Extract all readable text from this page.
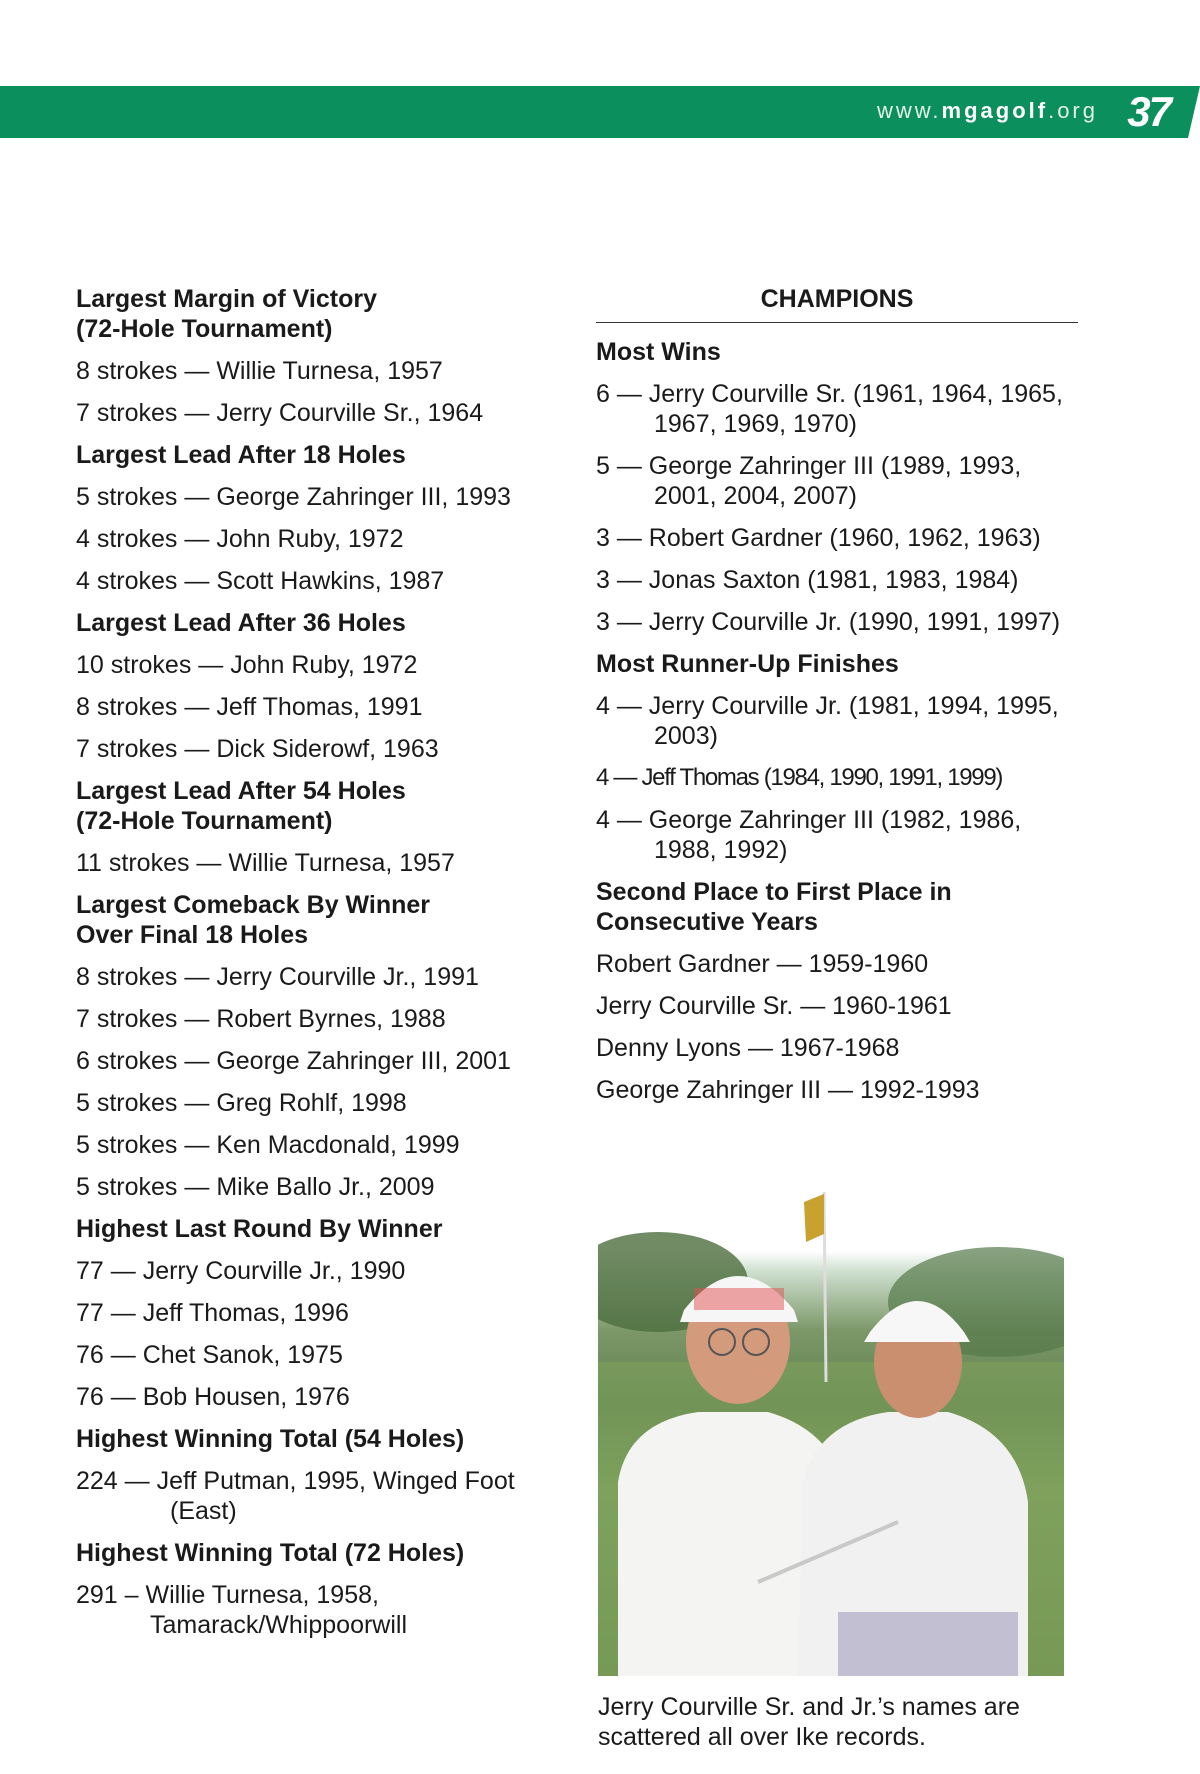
www.mgagolf.org 37
Largest Margin of Victory
(72-Hole Tournament)
8 strokes — Willie Turnesa, 1957
7 strokes — Jerry Courville Sr., 1964
Largest Lead After 18 Holes
5 strokes — George Zahringer III, 1993
4 strokes — John Ruby, 1972
4 strokes — Scott Hawkins, 1987
Largest Lead After 36 Holes
10 strokes — John Ruby, 1972
8 strokes — Jeff Thomas, 1991
7 strokes — Dick Siderowf, 1963
Largest Lead After 54 Holes
(72-Hole Tournament)
11 strokes — Willie Turnesa, 1957
Largest Comeback By Winner
Over Final 18 Holes
8 strokes — Jerry Courville Jr., 1991
7 strokes — Robert Byrnes, 1988
6 strokes — George Zahringer III, 2001
5 strokes — Greg Rohlf, 1998
5 strokes — Ken Macdonald, 1999
5 strokes — Mike Ballo Jr., 2009
Highest Last Round By Winner
77 — Jerry Courville Jr., 1990
77 — Jeff Thomas, 1996
76 — Chet Sanok, 1975
76 — Bob Housen, 1976
Highest Winning Total (54 Holes)
224 — Jeff Putman, 1995, Winged Foot (East)
Highest Winning Total (72 Holes)
291 – Willie Turnesa, 1958, Tamarack/Whippoorwill
CHAMPIONS
Most Wins
6 — Jerry Courville Sr. (1961, 1964, 1965, 1967, 1969, 1970)
5 — George Zahringer III (1989, 1993, 2001, 2004, 2007)
3 — Robert Gardner (1960, 1962, 1963)
3 — Jonas Saxton (1981, 1983, 1984)
3 — Jerry Courville Jr. (1990, 1991, 1997)
Most Runner-Up Finishes
4 — Jerry Courville Jr. (1981, 1994, 1995, 2003)
4 — Jeff Thomas (1984, 1990, 1991, 1999)
4 — George Zahringer III (1982, 1986, 1988, 1992)
Second Place to First Place in
Consecutive Years
Robert Gardner — 1959-1960
Jerry Courville Sr. — 1960-1961
Denny Lyons — 1967-1968
George Zahringer III — 1992-1993
Jerry Courville Sr. and Jr.’s names are scattered all over Ike records.
